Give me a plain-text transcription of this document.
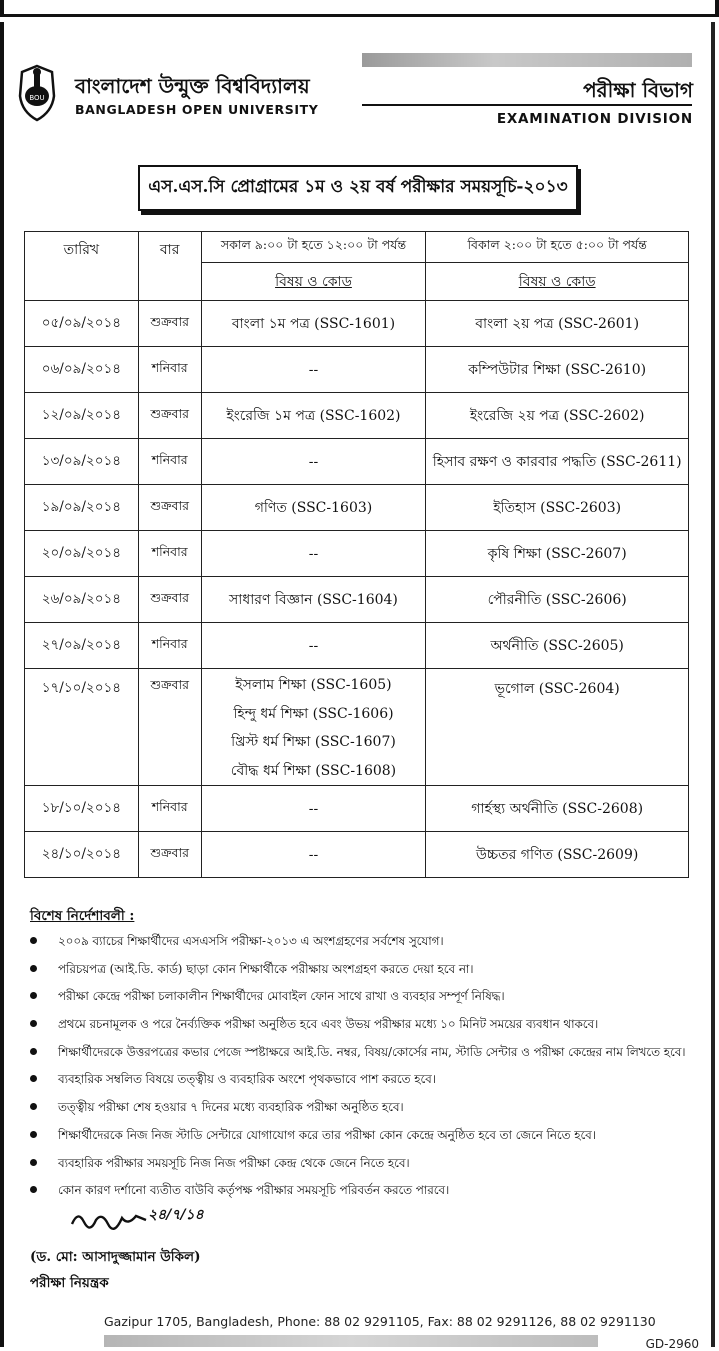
BOU বাংলাদেশ উন্মুক্ত বিশ্ববিদ্যালয়
BANGLADESH OPEN UNIVERSITY
পরীক্ষা বিভাগ
EXAMINATION DIVISION
এস.এস.সি প্রোগ্রামের ১ম ও ২য় বর্ষ পরীক্ষার সময়সূচি-২০১৩
তারিখ	বার	সকাল ৯:০০ টা হতে ১২:০০ টা পর্যন্ত	বিকাল ২:০০ টা হতে ৫:০০ টা পর্যন্ত
		বিষয় ও কোড	বিষয় ও কোড
০৫/০৯/২০১৪	শুক্রবার	বাংলা ১ম পত্র (SSC-1601)	বাংলা ২য় পত্র (SSC-2601)
০৬/০৯/২০১৪	শনিবার	--	কম্পিউটার শিক্ষা (SSC-2610)
১২/০৯/২০১৪	শুক্রবার	ইংরেজি ১ম পত্র (SSC-1602)	ইংরেজি ২য় পত্র (SSC-2602)
১৩/০৯/২০১৪	শনিবার	--	হিসাব রক্ষণ ও কারবার পদ্ধতি (SSC-2611)
১৯/০৯/২০১৪	শুক্রবার	গণিত (SSC-1603)	ইতিহাস (SSC-2603)
২০/০৯/২০১৪	শনিবার	--	কৃষি শিক্ষা (SSC-2607)
২৬/০৯/২০১৪	শুক্রবার	সাধারণ বিজ্ঞান (SSC-1604)	পৌরনীতি (SSC-2606)
২৭/০৯/২০১৪	শনিবার	--	অর্থনীতি (SSC-2605)
১৭/১০/২০১৪	শুক্রবার	ইসলাম শিক্ষা (SSC-1605)
হিন্দু ধর্ম শিক্ষা (SSC-1606)
খ্রিস্ট ধর্ম শিক্ষা (SSC-1607)
বৌদ্ধ ধর্ম শিক্ষা (SSC-1608)	ভূগোল (SSC-2604)
১৮/১০/২০১৪	শনিবার	--	গার্হস্থ্য অর্থনীতি (SSC-2608)
২৪/১০/২০১৪	শুক্রবার	--	উচ্চতর গণিত (SSC-2609)
বিশেষ নির্দেশাবলী :
২০০৯ ব্যাচের শিক্ষার্থীদের এসএসসি পরীক্ষা-২০১৩ এ অংশগ্রহণের সর্বশেষ সুযোগ।
পরিচয়পত্র (আই.ডি. কার্ড) ছাড়া কোন শিক্ষার্থীকে পরীক্ষায় অংশগ্রহণ করতে দেয়া হবে না।
পরীক্ষা কেন্দ্রে পরীক্ষা চলাকালীন শিক্ষার্থীদের মোবাইল ফোন সাথে রাখা ও ব্যবহার সম্পূর্ণ নিষিদ্ধ।
প্রথমে রচনামূলক ও পরে নৈর্ব্যক্তিক পরীক্ষা অনুষ্ঠিত হবে এবং উভয় পরীক্ষার মধ্যে ১০ মিনিট সময়ের ব্যবধান থাকবে।
শিক্ষার্থীদেরকে উত্তরপত্রের কভার পেজে স্পষ্টাক্ষরে আই.ডি. নম্বর, বিষয়/কোর্সের নাম, স্টাডি সেন্টার ও পরীক্ষা কেন্দ্রের নাম লিখতে হবে।
ব্যবহারিক সম্বলিত বিষয়ে তত্ত্বীয় ও ব্যবহারিক অংশে পৃথকভাবে পাশ করতে হবে।
তত্ত্বীয় পরীক্ষা শেষ হওয়ার ৭ দিনের মধ্যে ব্যবহারিক পরীক্ষা অনুষ্ঠিত হবে।
শিক্ষার্থীদেরকে নিজ নিজ স্টাডি সেন্টারে যোগাযোগ করে তার পরীক্ষা কোন কেন্দ্রে অনুষ্ঠিত হবে তা জেনে নিতে হবে।
ব্যবহারিক পরীক্ষার সময়সূচি নিজ নিজ পরীক্ষা কেন্দ্র থেকে জেনে নিতে হবে।
কোন কারণ দর্শানো ব্যতীত বাউবি কর্তৃপক্ষ পরীক্ষার সময়সূচি পরিবর্তন করতে পারবে।
২৪/৭/১৪
(ড. মো: আসাদুজ্জামান উকিল)
পরীক্ষা নিয়ন্ত্রক
Gazipur 1705, Bangladesh, Phone: 88 02 9291105, Fax: 88 02 9291126, 88 02 9291130
GD-2960
